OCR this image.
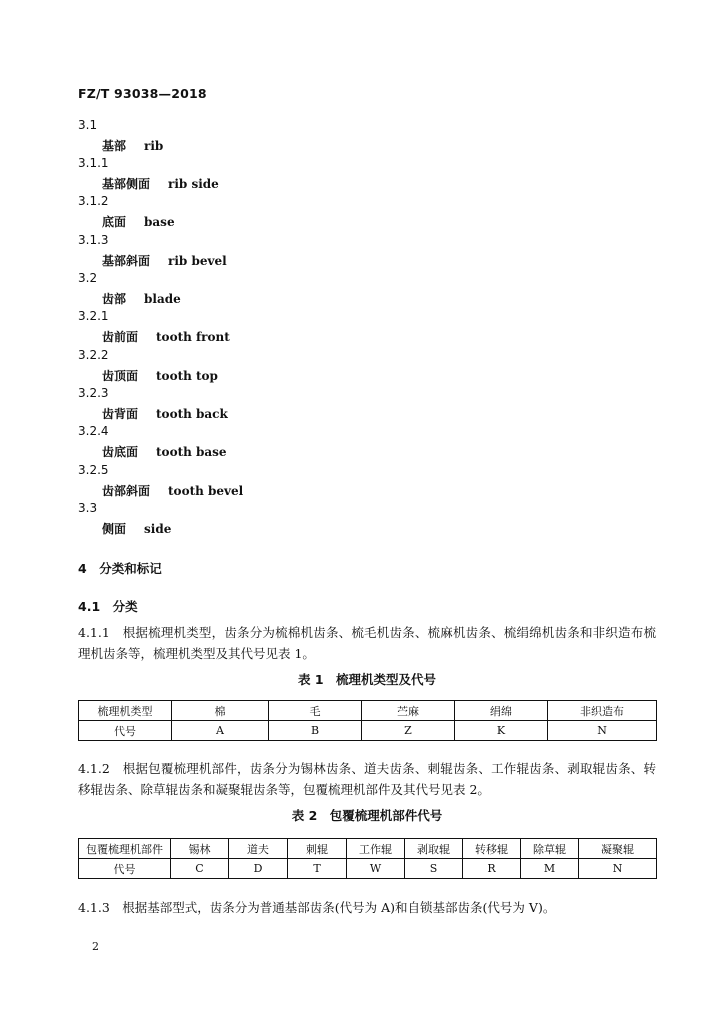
FZ/T 93038—2018
3.1
基部 rib
3.1.1
基部侧面 rib side
3.1.2
底面 base
3.1.3
基部斜面 rib bevel
3.2
齿部 blade
3.2.1
齿前面 tooth front
3.2.2
齿顶面 tooth top
3.2.3
齿背面 tooth back
3.2.4
齿底面 tooth base
3.2.5
齿部斜面 tooth bevel
3.3
侧面 side
4　分类和标记
4.1　分类
4.1.1　根据梳理机类型，齿条分为梳棉机齿条、梳毛机齿条、梳麻机齿条、梳绢绵机齿条和非织造布梳理机齿条等，梳理机类型及其代号见表 1。
表 1　梳理机类型及代号
梳理机类型	棉	毛	苎麻	绢绵	非织造布
代号	A	B	Z	K	N
4.1.2　根据包覆梳理机部件，齿条分为锡林齿条、道夫齿条、刺辊齿条、工作辊齿条、剥取辊齿条、转移辊齿条、除草辊齿条和凝聚辊齿条等，包覆梳理机部件及其代号见表 2。
表 2　包覆梳理机部件代号
包覆梳理机部件	锡林	道夫	刺辊	工作辊	剥取辊	转移辊	除草辊	凝聚辊
代号	C	D	T	W	S	R	M	N
4.1.3　根据基部型式，齿条分为普通基部齿条(代号为 A)和自锁基部齿条(代号为 V)。
2
